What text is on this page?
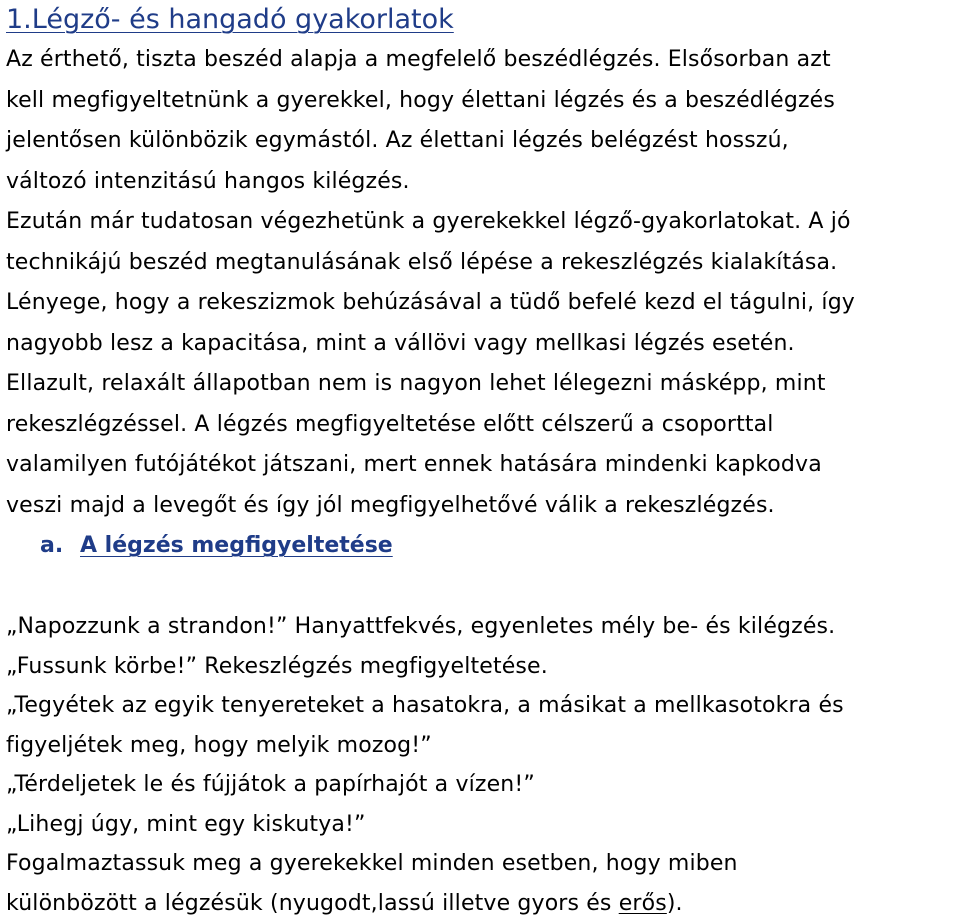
1.Légző- és hangadó gyakorlatok

Az érthető, tiszta beszéd alapja a megfelelő beszédlégzés. Elsősorban azt
kell megfigyeltetnünk a gyerekkel, hogy élettani légzés és a beszédlégzés
jelentősen különbözik egymástól. Az élettani légzés belégzést hosszú,
változó intenzitású hangos kilégzés.
Ezután már tudatosan végezhetünk a gyerekekkel légző-gyakorlatokat. A jó
technikájú beszéd megtanulásának első lépése a rekeszlégzés kialakítása.
Lényege, hogy a rekeszizmok behúzásával a tüdő befelé kezd el tágulni, így
nagyobb lesz a kapacitása, mint a vállövi vagy mellkasi légzés esetén.
Ellazult, relaxált állapotban nem is nagyon lehet lélegezni másképp, mint
rekeszlégzéssel. A légzés megfigyeltetése előtt célszerű a csoporttal
valamilyen futójátékot játszani, mert ennek hatására mindenki kapkodva
veszi majd a levegőt és így jól megfigyelhetővé válik a rekeszlégzés.

a. A légzés megfigyeltetése

„Napozzunk a strandon!” Hanyattfekvés, egyenletes mély be- és kilégzés.
„Fussunk körbe!” Rekeszlégzés megfigyeltetése.
„Tegyétek az egyik tenyereteket a hasatokra, a másikat a mellkasotokra és
figyeljétek meg, hogy melyik mozog!”
„Térdeljetek le és fújjátok a papírhajót a vízen!”
„Lihegj úgy, mint egy kiskutya!”
Fogalmaztassuk meg a gyerekekkel minden esetben, hogy miben
különbözött a légzésük (nyugodt,lassú illetve gyors és erős).
